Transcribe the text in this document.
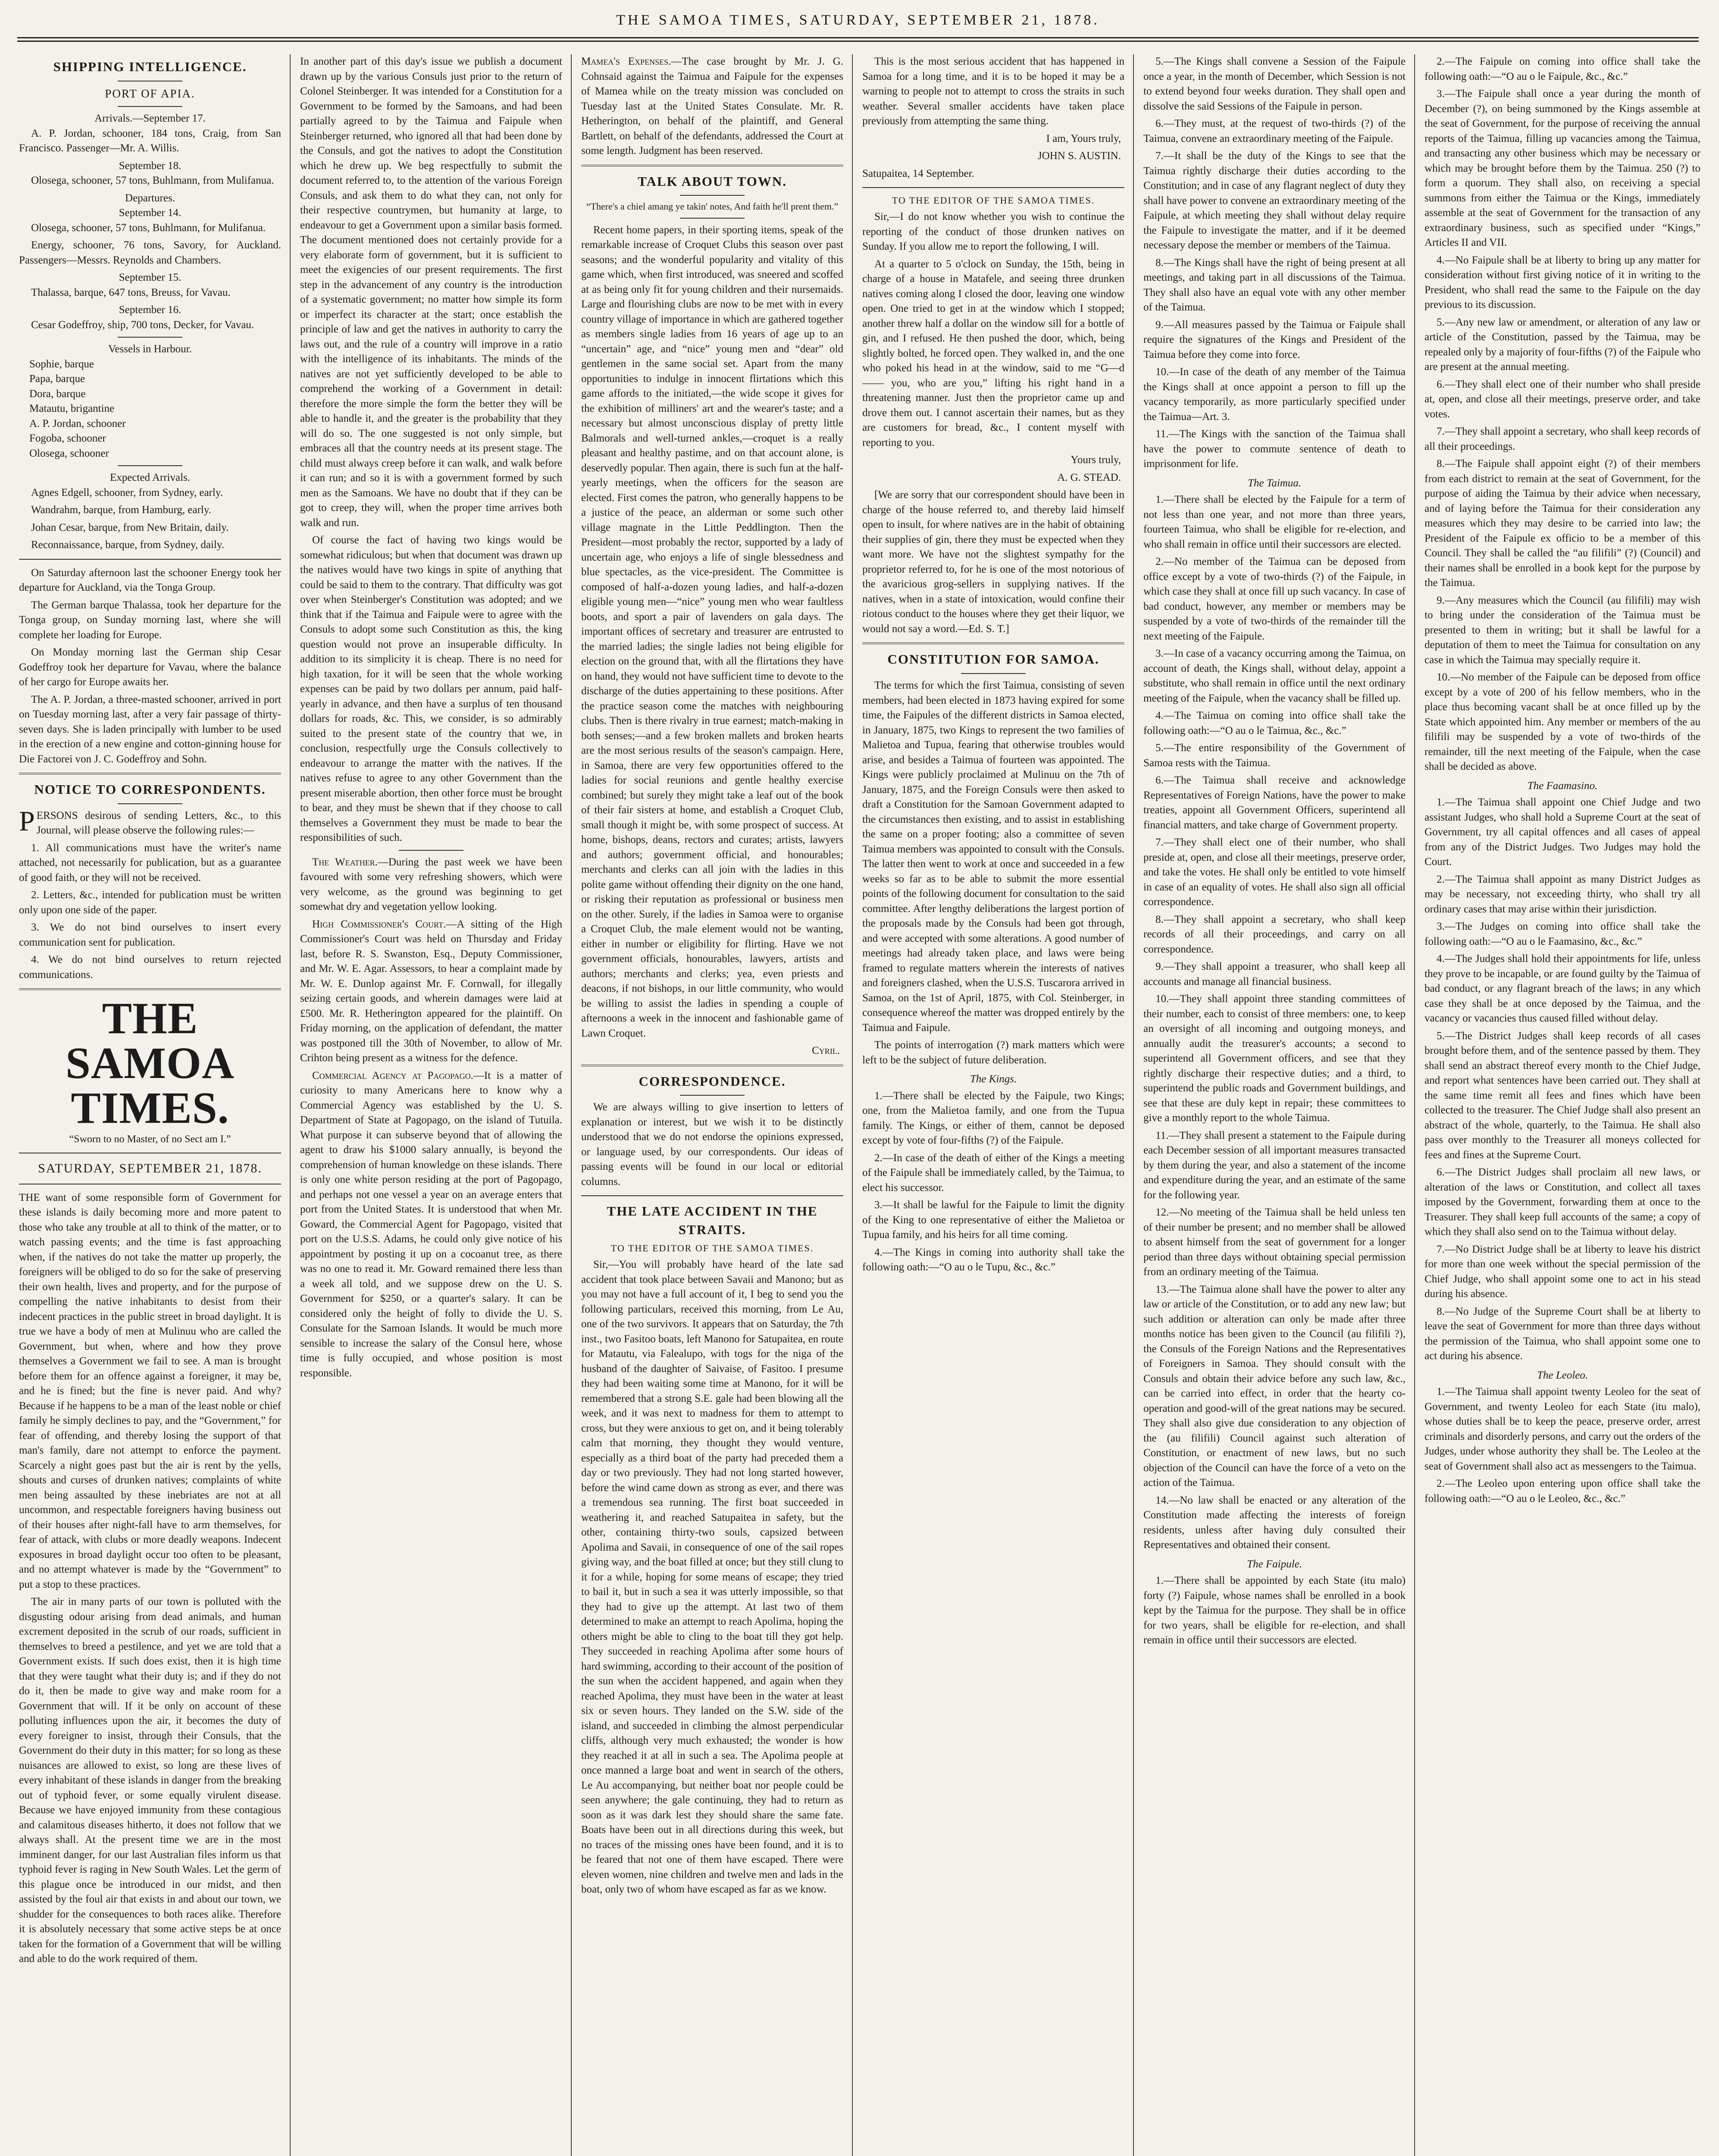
THE SAMOA TIMES, SATURDAY, SEPTEMBER 21, 1878.
SHIPPING INTELLIGENCE.
PORT OF APIA.
Arrivals.—September 17.

A. P. Jordan, schooner, 184 tons, Craig, from San Francisco. Passenger—Mr. A. Willis.

September 18.

Olosega, schooner, 57 tons, Buhlmann, from Mulifanua.

Departures.
September 14.

Olosega, schooner, 57 tons, Buhlmann, for Mulifanua.

Energy, schooner, 76 tons, Savory, for Auckland. Passengers—Messrs. Reynolds and Chambers.

September 15.

Thalassa, barque, 647 tons, Breuss, for Vavau.

September 16.

Cesar Godeffroy, ship, 700 tons, Decker, for Vavau.

Vessels in Harbour.
Sophie, barque
Papa, barque
Dora, barque
Matautu, brigantine
A. P. Jordan, schooner
Fogoba, schooner
Olosega, schooner
Expected Arrivals.

Agnes Edgell, schooner, from Sydney, early.

Wandrahm, barque, from Hamburg, early.

Johan Cesar, barque, from New Britain, daily.

Reconnaissance, barque, from Sydney, daily.

On Saturday afternoon last the schooner Energy took her departure for Auckland, via the Tonga Group.

The German barque Thalassa, took her departure for the Tonga group, on Sunday morning last, where she will complete her loading for Europe.

On Monday morning last the German ship Cesar Godeffroy took her departure for Vavau, where the balance of her cargo for Europe awaits her.

The A. P. Jordan, a three-masted schooner, arrived in port on Tuesday morning last, after a very fair passage of thirty-seven days. She is laden principally with lumber to be used in the erection of a new engine and cotton-ginning house for Die Factorei von J. C. Godeffroy and Sohn.

NOTICE TO CORRESPONDENTS.

PERSONS desirous of sending Letters, &c., to this Journal, will please observe the following rules:—

1. All communications must have the writer's name attached, not necessarily for publication, but as a guarantee of good faith, or they will not be received.

2. Letters, &c., intended for publication must be written only upon one side of the paper.

3. We do not bind ourselves to insert every communication sent for publication.

4. We do not bind ourselves to return rejected communications.

THE SAMOA TIMES.
“Sworn to no Master, of no Sect am I.”
SATURDAY, SEPTEMBER 21, 1878.

THE want of some responsible form of Government for these islands is daily becoming more and more patent to those who take any trouble at all to think of the matter, or to watch passing events; and the time is fast approaching when, if the natives do not take the matter up properly, the foreigners will be obliged to do so for the sake of preserving their own health, lives and property, and for the purpose of compelling the native inhabitants to desist from their indecent practices in the public street in broad daylight. It is true we have a body of men at Mulinuu who are called the Government, but when, where and how they prove themselves a Government we fail to see. A man is brought before them for an offence against a foreigner, it may be, and he is fined; but the fine is never paid. And why? Because if he happens to be a man of the least noble or chief family he simply declines to pay, and the “Government,” for fear of offending, and thereby losing the support of that man's family, dare not attempt to enforce the payment. Scarcely a night goes past but the air is rent by the yells, shouts and curses of drunken natives; complaints of white men being assaulted by these inebriates are not at all uncommon, and respectable foreigners having business out of their houses after night-fall have to arm themselves, for fear of attack, with clubs or more deadly weapons. Indecent exposures in broad daylight occur too often to be pleasant, and no attempt whatever is made by the “Government” to put a stop to these practices.

The air in many parts of our town is polluted with the disgusting odour arising from dead animals, and human excrement deposited in the scrub of our roads, sufficient in themselves to breed a pestilence, and yet we are told that a Government exists. If such does exist, then it is high time that they were taught what their duty is; and if they do not do it, then be made to give way and make room for a Government that will. If it be only on account of these polluting influences upon the air, it becomes the duty of every foreigner to insist, through their Consuls, that the Government do their duty in this matter; for so long as these nuisances are allowed to exist, so long are these lives of every inhabitant of these islands in danger from the breaking out of typhoid fever, or some equally virulent disease. Because we have enjoyed immunity from these contagious and calamitous diseases hitherto, it does not follow that we always shall. At the present time we are in the most imminent danger, for our last Australian files inform us that typhoid fever is raging in New South Wales. Let the germ of this plague once be introduced in our midst, and then assisted by the foul air that exists in and about our town, we shudder for the consequences to both races alike. Therefore it is absolutely necessary that some active steps be at once taken for the formation of a Government that will be willing and able to do the work required of them.

In another part of this day's issue we publish a document drawn up by the various Consuls just prior to the return of Colonel Steinberger. It was intended for a Constitution for a Government to be formed by the Samoans, and had been partially agreed to by the Taimua and Faipule when Steinberger returned, who ignored all that had been done by the Consuls, and got the natives to adopt the Constitution which he drew up. We beg respectfully to submit the document referred to, to the attention of the various Foreign Consuls, and ask them to do what they can, not only for their respective countrymen, but humanity at large, to endeavour to get a Government upon a similar basis formed. The document mentioned does not certainly provide for a very elaborate form of government, but it is sufficient to meet the exigencies of our present requirements. The first step in the advancement of any country is the introduction of a systematic government; no matter how simple its form or imperfect its character at the start; once establish the principle of law and get the natives in authority to carry the laws out, and the rule of a country will improve in a ratio with the intelligence of its inhabitants. The minds of the natives are not yet sufficiently developed to be able to comprehend the working of a Government in detail: therefore the more simple the form the better they will be able to handle it, and the greater is the probability that they will do so. The one suggested is not only simple, but embraces all that the country needs at its present stage. The child must always creep before it can walk, and walk before it can run; and so it is with a government formed by such men as the Samoans. We have no doubt that if they can be got to creep, they will, when the proper time arrives both walk and run.

Of course the fact of having two kings would be somewhat ridiculous; but when that document was drawn up the natives would have two kings in spite of anything that could be said to them to the contrary. That difficulty was got over when Steinberger's Constitution was adopted; and we think that if the Taimua and Faipule were to agree with the Consuls to adopt some such Constitution as this, the king question would not prove an insuperable difficulty. In addition to its simplicity it is cheap. There is no need for high taxation, for it will be seen that the whole working expenses can be paid by two dollars per annum, paid half-yearly in advance, and then have a surplus of ten thousand dollars for roads, &c. This, we consider, is so admirably suited to the present state of the country that we, in conclusion, respectfully urge the Consuls collectively to endeavour to arrange the matter with the natives. If the natives refuse to agree to any other Government than the present miserable abortion, then other force must be brought to bear, and they must be shewn that if they choose to call themselves a Government they must be made to bear the responsibilities of such.

The Weather.—During the past week we have been favoured with some very refreshing showers, which were very welcome, as the ground was beginning to get somewhat dry and vegetation yellow looking.

High Commissioner's Court.—A sitting of the High Commissioner's Court was held on Thursday and Friday last, before R. S. Swanston, Esq., Deputy Commissioner, and Mr. W. E. Agar. Assessors, to hear a complaint made by Mr. W. E. Dunlop against Mr. F. Cornwall, for illegally seizing certain goods, and wherein damages were laid at £500. Mr. R. Hetherington appeared for the plaintiff. On Friday morning, on the application of defendant, the matter was postponed till the 30th of November, to allow of Mr. Crihton being present as a witness for the defence.

Commercial Agency at Pagopago.—It is a matter of curiosity to many Americans here to know why a Commercial Agency was established by the U. S. Department of State at Pagopago, on the island of Tutuila. What purpose it can subserve beyond that of allowing the agent to draw his $1000 salary annually, is beyond the comprehension of human knowledge on these islands. There is only one white person residing at the port of Pagopago, and perhaps not one vessel a year on an average enters that port from the United States. It is understood that when Mr. Goward, the Commercial Agent for Pagopago, visited that port on the U.S.S. Adams, he could only give notice of his appointment by posting it up on a cocoanut tree, as there was no one to read it. Mr. Goward remained there less than a week all told, and we suppose drew on the U. S. Government for $250, or a quarter's salary. It can be considered only the height of folly to divide the U. S. Consulate for the Samoan Islands. It would be much more sensible to increase the salary of the Consul here, whose time is fully occupied, and whose position is most responsible.

Mamea's Expenses.—The case brought by Mr. J. G. Cohnsaid against the Taimua and Faipule for the expenses of Mamea while on the treaty mission was concluded on Tuesday last at the United States Consulate. Mr. R. Hetherington, on behalf of the plaintiff, and General Bartlett, on behalf of the defendants, addressed the Court at some length. Judgment has been reserved.

TALK ABOUT TOWN.
“There's a chiel amang ye takin' notes, And faith he'll prent them.”

Recent home papers, in their sporting items, speak of the remarkable increase of Croquet Clubs this season over past seasons; and the wonderful popularity and vitality of this game which, when first introduced, was sneered and scoffed at as being only fit for young children and their nursemaids. Large and flourishing clubs are now to be met with in every country village of importance in which are gathered together as members single ladies from 16 years of age up to an “uncertain” age, and “nice” young men and “dear” old gentlemen in the same social set. Apart from the many opportunities to indulge in innocent flirtations which this game affords to the initiated,—the wide scope it gives for the exhibition of milliners' art and the wearer's taste; and a necessary but almost unconscious display of pretty little Balmorals and well-turned ankles,—croquet is a really pleasant and healthy pastime, and on that account alone, is deservedly popular. Then again, there is such fun at the half-yearly meetings, when the officers for the season are elected. First comes the patron, who generally happens to be a justice of the peace, an alderman or some such other village magnate in the Little Peddlington. Then the President—most probably the rector, supported by a lady of uncertain age, who enjoys a life of single blessedness and blue spectacles, as the vice-president. The Committee is composed of half-a-dozen young ladies, and half-a-dozen eligible young men—“nice” young men who wear faultless boots, and sport a pair of lavenders on gala days. The important offices of secretary and treasurer are entrusted to the married ladies; the single ladies not being eligible for election on the ground that, with all the flirtations they have on hand, they would not have sufficient time to devote to the discharge of the duties appertaining to these positions. After the practice season come the matches with neighbouring clubs. Then is there rivalry in true earnest; match-making in both senses;—and a few broken mallets and broken hearts are the most serious results of the season's campaign. Here, in Samoa, there are very few opportunities offered to the ladies for social reunions and gentle healthy exercise combined; but surely they might take a leaf out of the book of their fair sisters at home, and establish a Croquet Club, small though it might be, with some prospect of success. At home, bishops, deans, rectors and curates; artists, lawyers and authors; government official, and honourables; merchants and clerks can all join with the ladies in this polite game without offending their dignity on the one hand, or risking their reputation as professional or business men on the other. Surely, if the ladies in Samoa were to organise a Croquet Club, the male element would not be wanting, either in number or eligibility for flirting. Have we not government officials, honourables, lawyers, artists and authors; merchants and clerks; yea, even priests and deacons, if not bishops, in our little community, who would be willing to assist the ladies in spending a couple of afternoons a week in the innocent and fashionable game of Lawn Croquet.

Cyril.
CORRESPONDENCE.

We are always willing to give insertion to letters of explanation or interest, but we wish it to be distinctly understood that we do not endorse the opinions expressed, or language used, by our correspondents. Our ideas of passing events will be found in our local or editorial columns.

THE LATE ACCIDENT IN THE STRAITS.
TO THE EDITOR OF THE SAMOA TIMES.

Sir,—You will probably have heard of the late sad accident that took place between Savaii and Manono; but as you may not have a full account of it, I beg to send you the following particulars, received this morning, from Le Au, one of the two survivors. It appears that on Saturday, the 7th inst., two Fasitoo boats, left Manono for Satupaitea, en route for Matautu, via Falealupo, with togs for the niga of the husband of the daughter of Saivaise, of Fasitoo. I presume they had been waiting some time at Manono, for it will be remembered that a strong S.E. gale had been blowing all the week, and it was next to madness for them to attempt to cross, but they were anxious to get on, and it being tolerably calm that morning, they thought they would venture, especially as a third boat of the party had preceded them a day or two previously. They had not long started however, before the wind came down as strong as ever, and there was a tremendous sea running. The first boat succeeded in weathering it, and reached Satupaitea in safety, but the other, containing thirty-two souls, capsized between Apolima and Savaii, in consequence of one of the sail ropes giving way, and the boat filled at once; but they still clung to it for a while, hoping for some means of escape; they tried to bail it, but in such a sea it was utterly impossible, so that they had to give up the attempt. At last two of them determined to make an attempt to reach Apolima, hoping the others might be able to cling to the boat till they got help. They succeeded in reaching Apolima after some hours of hard swimming, according to their account of the position of the sun when the accident happened, and again when they reached Apolima, they must have been in the water at least six or seven hours. They landed on the S.W. side of the island, and succeeded in climbing the almost perpendicular cliffs, although very much exhausted; the wonder is how they reached it at all in such a sea. The Apolima people at once manned a large boat and went in search of the others, Le Au accompanying, but neither boat nor people could be seen anywhere; the gale continuing, they had to return as soon as it was dark lest they should share the same fate. Boats have been out in all directions during this week, but no traces of the missing ones have been found, and it is to be feared that not one of them have escaped. There were eleven women, nine children and twelve men and lads in the boat, only two of whom have escaped as far as we know.

This is the most serious accident that has happened in Samoa for a long time, and it is to be hoped it may be a warning to people not to attempt to cross the straits in such weather. Several smaller accidents have taken place previously from attempting the same thing.

I am, Yours truly,
JOHN S. AUSTIN.
Satupaitea, 14 September.
TO THE EDITOR OF THE SAMOA TIMES.

Sir,—I do not know whether you wish to continue the reporting of the conduct of those drunken natives on Sunday. If you allow me to report the following, I will.

At a quarter to 5 o'clock on Sunday, the 15th, being in charge of a house in Matafele, and seeing three drunken natives coming along I closed the door, leaving one window open. One tried to get in at the window which I stopped; another threw half a dollar on the window sill for a bottle of gin, and I refused. He then pushed the door, which, being slightly bolted, he forced open. They walked in, and the one who poked his head in at the window, said to me “G—d—— you, who are you,” lifting his right hand in a threatening manner. Just then the proprietor came up and drove them out. I cannot ascertain their names, but as they are customers for bread, &c., I content myself with reporting to you.

Yours truly,
A. G. STEAD.

[We are sorry that our correspondent should have been in charge of the house referred to, and thereby laid himself open to insult, for where natives are in the habit of obtaining their supplies of gin, there they must be expected when they want more. We have not the slightest sympathy for the proprietor referred to, for he is one of the most notorious of the avaricious grog-sellers in supplying natives. If the natives, when in a state of intoxication, would confine their riotous conduct to the houses where they get their liquor, we would not say a word.—Ed. S. T.]

CONSTITUTION FOR SAMOA.

The terms for which the first Taimua, consisting of seven members, had been elected in 1873 having expired for some time, the Faipules of the different districts in Samoa elected, in January, 1875, two Kings to represent the two families of Malietoa and Tupua, fearing that otherwise troubles would arise, and besides a Taimua of fourteen was appointed. The Kings were publicly proclaimed at Mulinuu on the 7th of January, 1875, and the Foreign Consuls were then asked to draft a Constitution for the Samoan Government adapted to the circumstances then existing, and to assist in establishing the same on a proper footing; also a committee of seven Taimua members was appointed to consult with the Consuls. The latter then went to work at once and succeeded in a few weeks so far as to be able to submit the more essential points of the following document for consultation to the said committee. After lengthy deliberations the largest portion of the proposals made by the Consuls had been got through, and were accepted with some alterations. A good number of meetings had already taken place, and laws were being framed to regulate matters wherein the interests of natives and foreigners clashed, when the U.S.S. Tuscarora arrived in Samoa, on the 1st of April, 1875, with Col. Steinberger, in consequence whereof the matter was dropped entirely by the Taimua and Faipule.

The points of interrogation (?) mark matters which were left to be the subject of future deliberation.

The Kings.

1.—There shall be elected by the Faipule, two Kings; one, from the Malietoa family, and one from the Tupua family. The Kings, or either of them, cannot be deposed except by vote of four-fifths (?) of the Faipule.

2.—In case of the death of either of the Kings a meeting of the Faipule shall be immediately called, by the Taimua, to elect his successor.

3.—It shall be lawful for the Faipule to limit the dignity of the King to one representative of either the Malietoa or Tupua family, and his heirs for all time coming.

4.—The Kings in coming into authority shall take the following oath:—“O au o le Tupu, &c., &c.”

5.—The Kings shall convene a Session of the Faipule once a year, in the month of December, which Session is not to extend beyond four weeks duration. They shall open and dissolve the said Sessions of the Faipule in person.

6.—They must, at the request of two-thirds (?) of the Taimua, convene an extraordinary meeting of the Faipule.

7.—It shall be the duty of the Kings to see that the Taimua rightly discharge their duties according to the Constitution; and in case of any flagrant neglect of duty they shall have power to convene an extraordinary meeting of the Faipule, at which meeting they shall without delay require the Faipule to investigate the matter, and if it be deemed necessary depose the member or members of the Taimua.

8.—The Kings shall have the right of being present at all meetings, and taking part in all discussions of the Taimua. They shall also have an equal vote with any other member of the Taimua.

9.—All measures passed by the Taimua or Faipule shall require the signatures of the Kings and President of the Taimua before they come into force.

10.—In case of the death of any member of the Taimua the Kings shall at once appoint a person to fill up the vacancy temporarily, as more particularly specified under the Taimua—Art. 3.

11.—The Kings with the sanction of the Taimua shall have the power to commute sentence of death to imprisonment for life.

The Taimua.

1.—There shall be elected by the Faipule for a term of not less than one year, and not more than three years, fourteen Taimua, who shall be eligible for re-election, and who shall remain in office until their successors are elected.

2.—No member of the Taimua can be deposed from office except by a vote of two-thirds (?) of the Faipule, in which case they shall at once fill up such vacancy. In case of bad conduct, however, any member or members may be suspended by a vote of two-thirds of the remainder till the next meeting of the Faipule.

3.—In case of a vacancy occurring among the Taimua, on account of death, the Kings shall, without delay, appoint a substitute, who shall remain in office until the next ordinary meeting of the Faipule, when the vacancy shall be filled up.

4.—The Taimua on coming into office shall take the following oath:—“O au o le Taimua, &c., &c.”

5.—The entire responsibility of the Government of Samoa rests with the Taimua.

6.—The Taimua shall receive and acknowledge Representatives of Foreign Nations, have the power to make treaties, appoint all Government Officers, superintend all financial matters, and take charge of Government property.

7.—They shall elect one of their number, who shall preside at, open, and close all their meetings, preserve order, and take the votes. He shall only be entitled to vote himself in case of an equality of votes. He shall also sign all official correspondence.

8.—They shall appoint a secretary, who shall keep records of all their proceedings, and carry on all correspondence.

9.—They shall appoint a treasurer, who shall keep all accounts and manage all financial business.

10.—They shall appoint three standing committees of their number, each to consist of three members: one, to keep an oversight of all incoming and outgoing moneys, and annually audit the treasurer's accounts; a second to superintend all Government officers, and see that they rightly discharge their respective duties; and a third, to superintend the public roads and Government buildings, and see that these are duly kept in repair; these committees to give a monthly report to the whole Taimua.

11.—They shall present a statement to the Faipule during each December session of all important measures transacted by them during the year, and also a statement of the income and expenditure during the year, and an estimate of the same for the following year.

12.—No meeting of the Taimua shall be held unless ten of their number be present; and no member shall be allowed to absent himself from the seat of government for a longer period than three days without obtaining special permission from an ordinary meeting of the Taimua.

13.—The Taimua alone shall have the power to alter any law or article of the Constitution, or to add any new law; but such addition or alteration can only be made after three months notice has been given to the Council (au filifili ?), the Consuls of the Foreign Nations and the Representatives of Foreigners in Samoa. They should consult with the Consuls and obtain their advice before any such law, &c., can be carried into effect, in order that the hearty co-operation and good-will of the great nations may be secured. They shall also give due consideration to any objection of the (au filifili) Council against such alteration of Constitution, or enactment of new laws, but no such objection of the Council can have the force of a veto on the action of the Taimua.

14.—No law shall be enacted or any alteration of the Constitution made affecting the interests of foreign residents, unless after having duly consulted their Representatives and obtained their consent.

The Faipule.

1.—There shall be appointed by each State (itu malo) forty (?) Faipule, whose names shall be enrolled in a book kept by the Taimua for the purpose. They shall be in office for two years, shall be eligible for re-election, and shall remain in office until their successors are elected.

2.—The Faipule on coming into office shall take the following oath:—“O au o le Faipule, &c., &c.”

3.—The Faipule shall once a year during the month of December (?), on being summoned by the Kings assemble at the seat of Government, for the purpose of receiving the annual reports of the Taimua, filling up vacancies among the Taimua, and transacting any other business which may be necessary or which may be brought before them by the Taimua. 250 (?) to form a quorum. They shall also, on receiving a special summons from either the Taimua or the Kings, immediately assemble at the seat of Government for the transaction of any extraordinary business, such as specified under “Kings,” Articles II and VII.

4.—No Faipule shall be at liberty to bring up any matter for consideration without first giving notice of it in writing to the President, who shall read the same to the Faipule on the day previous to its discussion.

5.—Any new law or amendment, or alteration of any law or article of the Constitution, passed by the Taimua, may be repealed only by a majority of four-fifths (?) of the Faipule who are present at the annual meeting.

6.—They shall elect one of their number who shall preside at, open, and close all their meetings, preserve order, and take votes.

7.—They shall appoint a secretary, who shall keep records of all their proceedings.

8.—The Faipule shall appoint eight (?) of their members from each district to remain at the seat of Government, for the purpose of aiding the Taimua by their advice when necessary, and of laying before the Taimua for their consideration any measures which they may desire to be carried into law; the President of the Faipule ex officio to be a member of this Council. They shall be called the “au filifili” (?) (Council) and their names shall be enrolled in a book kept for the purpose by the Taimua.

9.—Any measures which the Council (au filifili) may wish to bring under the consideration of the Taimua must be presented to them in writing; but it shall be lawful for a deputation of them to meet the Taimua for consultation on any case in which the Taimua may specially require it.

10.—No member of the Faipule can be deposed from office except by a vote of 200 of his fellow members, who in the place thus becoming vacant shall be at once filled up by the State which appointed him. Any member or members of the au filifili may be suspended by a vote of two-thirds of the remainder, till the next meeting of the Faipule, when the case shall be decided as above.

The Faamasino.

1.—The Taimua shall appoint one Chief Judge and two assistant Judges, who shall hold a Supreme Court at the seat of Government, try all capital offences and all cases of appeal from any of the District Judges. Two Judges may hold the Court.

2.—The Taimua shall appoint as many District Judges as may be necessary, not exceeding thirty, who shall try all ordinary cases that may arise within their jurisdiction.

3.—The Judges on coming into office shall take the following oath:—“O au o le Faamasino, &c., &c.”

4.—The Judges shall hold their appointments for life, unless they prove to be incapable, or are found guilty by the Taimua of bad conduct, or any flagrant breach of the laws; in any which case they shall be at once deposed by the Taimua, and the vacancy or vacancies thus caused filled without delay.

5.—The District Judges shall keep records of all cases brought before them, and of the sentence passed by them. They shall send an abstract thereof every month to the Chief Judge, and report what sentences have been carried out. They shall at the same time remit all fees and fines which have been collected to the treasurer. The Chief Judge shall also present an abstract of the whole, quarterly, to the Taimua. He shall also pass over monthly to the Treasurer all moneys collected for fees and fines at the Supreme Court.

6.—The District Judges shall proclaim all new laws, or alteration of the laws or Constitution, and collect all taxes imposed by the Government, forwarding them at once to the Treasurer. They shall keep full accounts of the same; a copy of which they shall also send on to the Taimua without delay.

7.—No District Judge shall be at liberty to leave his district for more than one week without the special permission of the Chief Judge, who shall appoint some one to act in his stead during his absence.

8.—No Judge of the Supreme Court shall be at liberty to leave the seat of Government for more than three days without the permission of the Taimua, who shall appoint some one to act during his absence.

The Leoleo.

1.—The Taimua shall appoint twenty Leoleo for the seat of Government, and twenty Leoleo for each State (itu malo), whose duties shall be to keep the peace, preserve order, arrest criminals and disorderly persons, and carry out the orders of the Judges, under whose authority they shall be. The Leoleo at the seat of Government shall also act as messengers to the Taimua.

2.—The Leoleo upon entering upon office shall take the following oath:—“O au o le Leoleo, &c., &c.”
